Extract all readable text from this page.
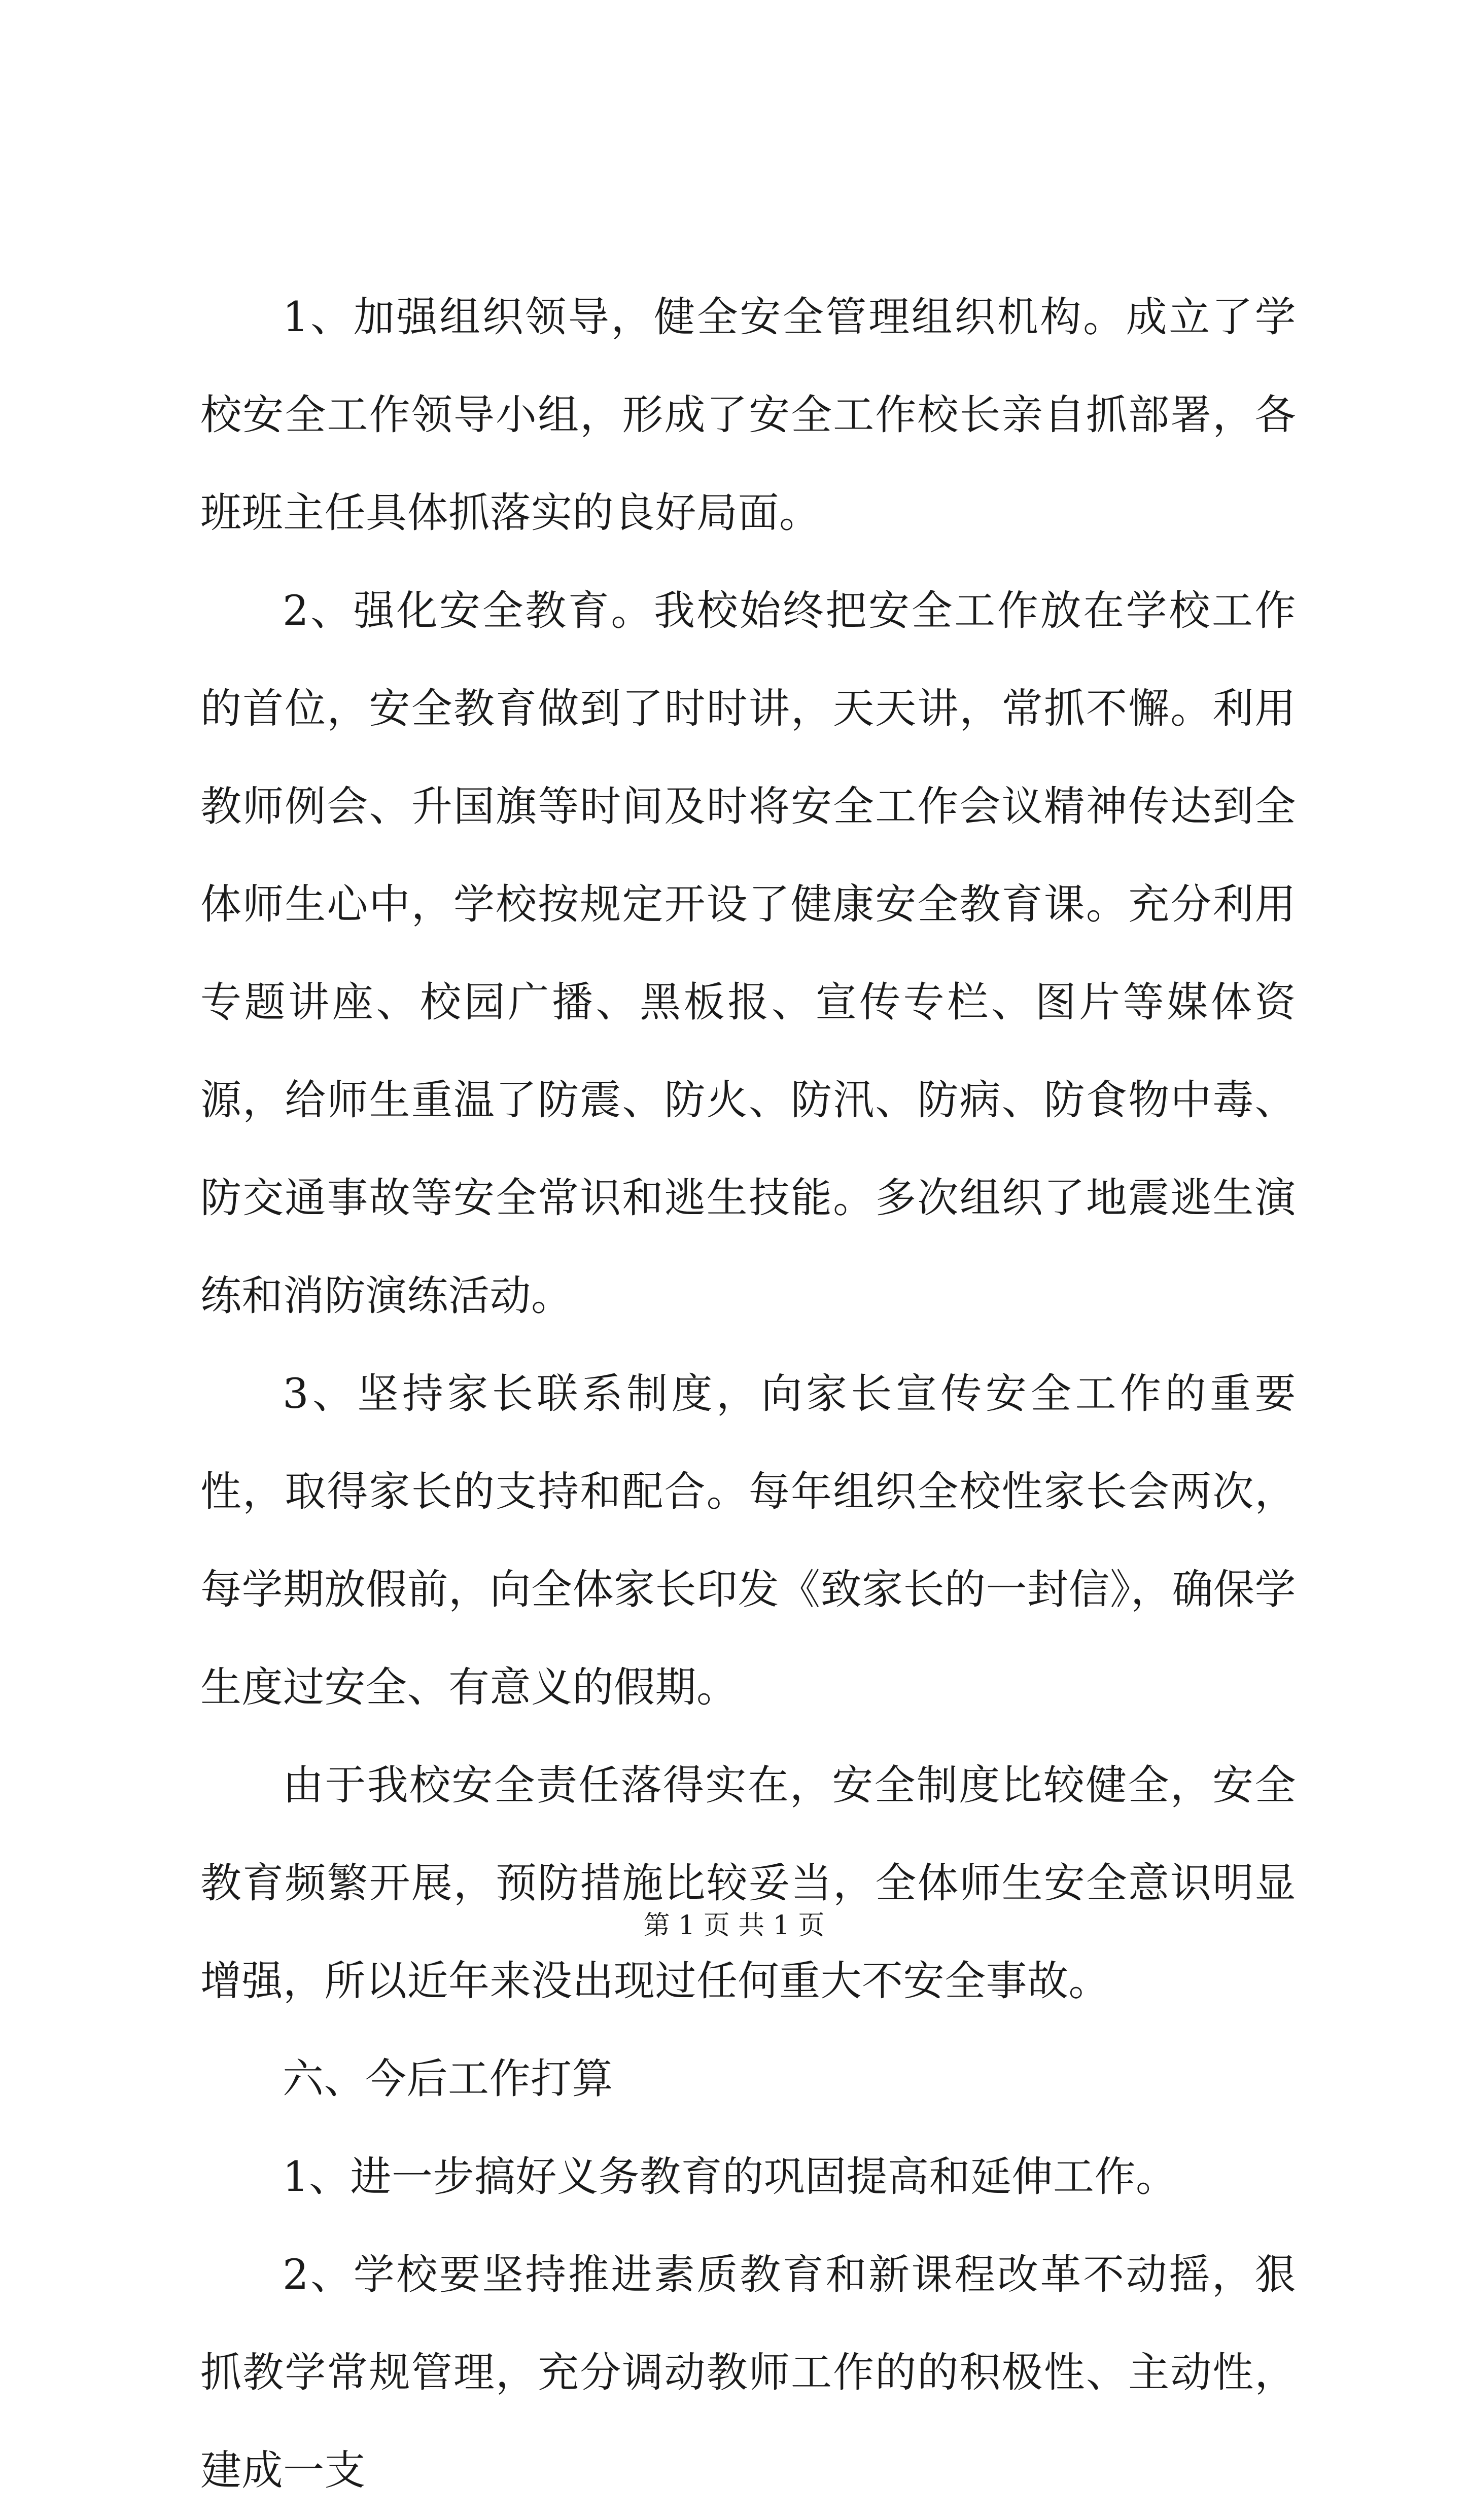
1、加强组织领导，健全安全管理组织机构。成立了学校安全工作领导小组，形成了安全工作校长亲自抓部署，各班班主任具体抓落实的良好局面。

2、强化安全教育。我校始终把安全工作放在学校工作的首位，安全教育做到了时时讲，天天讲，常抓不懈。利用教师例会、升国旗等时间及时将安全工作会议精神传达到全体师生心中，学校按规定开设了健康安全教育课。充分利用专题讲座、校园广播、黑板报、宣传专栏、图片等媒体资源，给师生重温了防震、防火、防汛、防病、防食物中毒、防交通事故等安全常识和逃生技能。多次组织了地震逃生演练和消防演练活动。

3、坚持家长联系制度，向家长宣传安全工作的重要性，取得家长的支持和配合。每年组织全校性家长会两次，每学期放假前，向全体家长印发《致家长的一封信》，确保学生度过安全、有意义的假期。

由于我校安全责任落得实在，安全制度比较健全，安全教育频繁开展，预防措施比较妥当，全体师生安全意识明显增强，所以近年来没出现过任何重大不安全事故。

六、今后工作打算

1、进一步搞好义务教育的巩固提高和延伸工作。

2、学校要坚持推进素质教育和新课程改革不动摇，狠抓教学常规管理，充分调动教师工作的的积极性、主动性，建成一支

第 1 页 共 1 页
